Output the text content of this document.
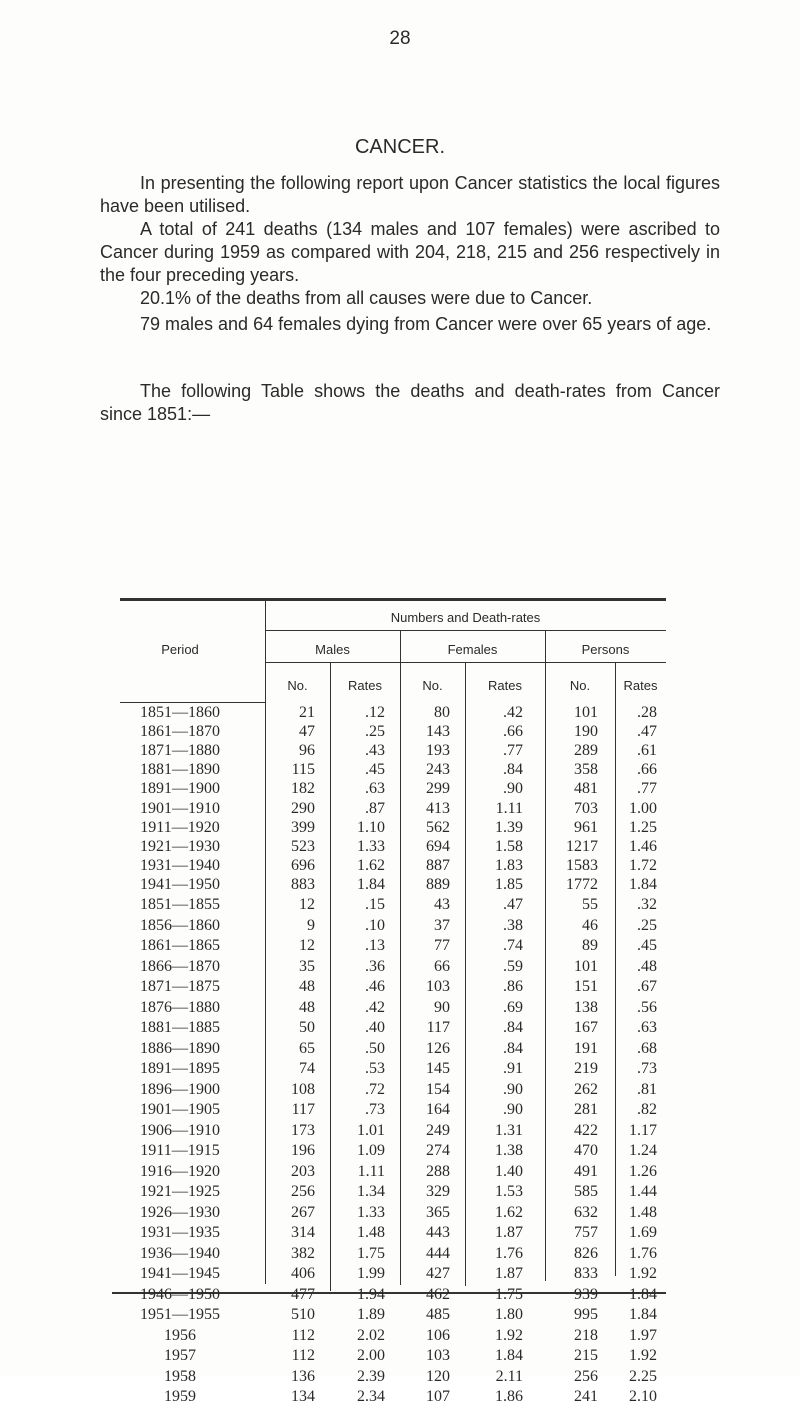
28
CANCER.
In presenting the following report upon Cancer statistics the local figures have been utilised.
A total of 241 deaths (134 males and 107 females) were ascribed to Cancer during 1959 as compared with 204, 218, 215 and 256 respectively in the four preceding years.
20.1% of the deaths from all causes were due to Cancer.
79 males and 64 females dying from Cancer were over 65 years of age.
The following Table shows the deaths and death-rates from Cancer since 1851:—
Numbers and Death-rates
Period	Males	Females	Persons
No.	Rates	No.	Rates	No.	Rates
1851—1860	21	.12	80	.42	101	.28
1861—1870	47	.25	143	.66	190	.47
1871—1880	96	.43	193	.77	289	.61
1881—1890	115	.45	243	.84	358	.66
1891—1900	182	.63	299	.90	481	.77
1901—1910	290	.87	413	1.11	703	1.00
1911—1920	399	1.10	562	1.39	961	1.25
1921—1930	523	1.33	694	1.58	1217	1.46
1931—1940	696	1.62	887	1.83	1583	1.72
1941—1950	883	1.84	889	1.85	1772	1.84
1851—1855	12	.15	43	.47	55	.32
1856—1860	9	.10	37	.38	46	.25
1861—1865	12	.13	77	.74	89	.45
1866—1870	35	.36	66	.59	101	.48
1871—1875	48	.46	103	.86	151	.67
1876—1880	48	.42	90	.69	138	.56
1881—1885	50	.40	117	.84	167	.63
1886—1890	65	.50	126	.84	191	.68
1891—1895	74	.53	145	.91	219	.73
1896—1900	108	.72	154	.90	262	.81
1901—1905	117	.73	164	.90	281	.82
1906—1910	173	1.01	249	1.31	422	1.17
1911—1915	196	1.09	274	1.38	470	1.24
1916—1920	203	1.11	288	1.40	491	1.26
1921—1925	256	1.34	329	1.53	585	1.44
1926—1930	267	1.33	365	1.62	632	1.48
1931—1935	314	1.48	443	1.87	757	1.69
1936—1940	382	1.75	444	1.76	826	1.76
1941—1945	406	1.99	427	1.87	833	1.92
1946—1950	477	1.94	462	1.75	939	1.84
1951—1955	510	1.89	485	1.80	995	1.84
1956	112	2.02	106	1.92	218	1.97
1957	112	2.00	103	1.84	215	1.92
1958	136	2.39	120	2.11	256	2.25
1959	134	2.34	107	1.86	241	2.10
